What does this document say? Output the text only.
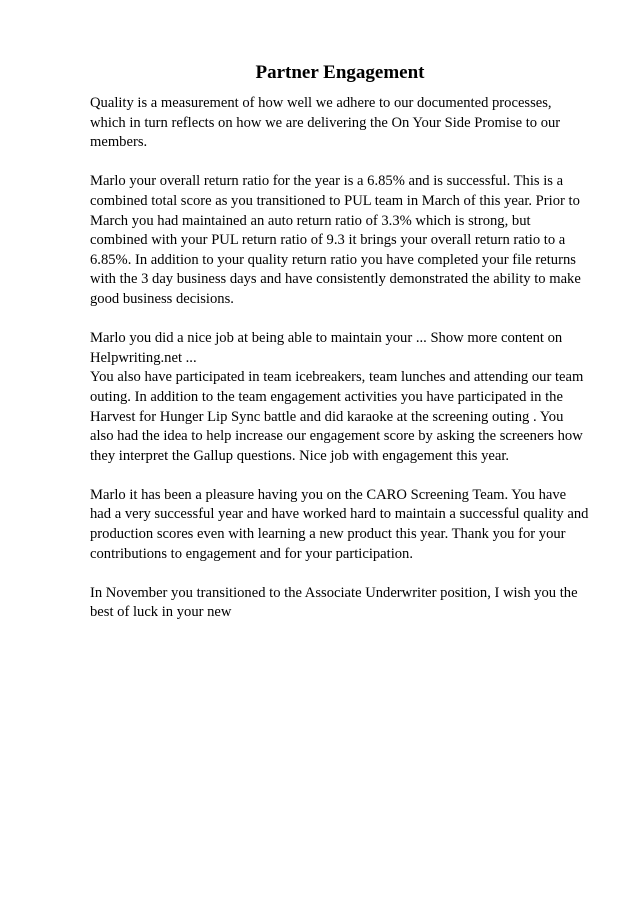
Partner Engagement

Quality is a measurement of how well we adhere to our documented processes,
which in turn reflects on how we are delivering the On Your Side Promise to our
members.

Marlo your overall return ratio for the year is a 6.85% and is successful. This is a
combined total score as you transitioned to PUL team in March of this year. Prior to
March you had maintained an auto return ratio of 3.3% which is strong, but
combined with your PUL return ratio of 9.3 it brings your overall return ratio to a
6.85%. In addition to your quality return ratio you have completed your file returns
with the 3 day business days and have consistently demonstrated the ability to make
good business decisions.

Marlo you did a nice job at being able to maintain your ... Show more content on
Helpwriting.net ...

You also have participated in team icebreakers, team lunches and attending our team
outing. In addition to the team engagement activities you have participated in the
Harvest for Hunger Lip Sync battle and did karaoke at the screening outing . You
also had the idea to help increase our engagement score by asking the screeners how
they interpret the Gallup questions. Nice job with engagement this year.

Marlo it has been a pleasure having you on the CARO Screening Team. You have
had a very successful year and have worked hard to maintain a successful quality and
production scores even with learning a new product this year. Thank you for your
contributions to engagement and for your participation.

In November you transitioned to the Associate Underwriter position, I wish you the
best of luck in your new
